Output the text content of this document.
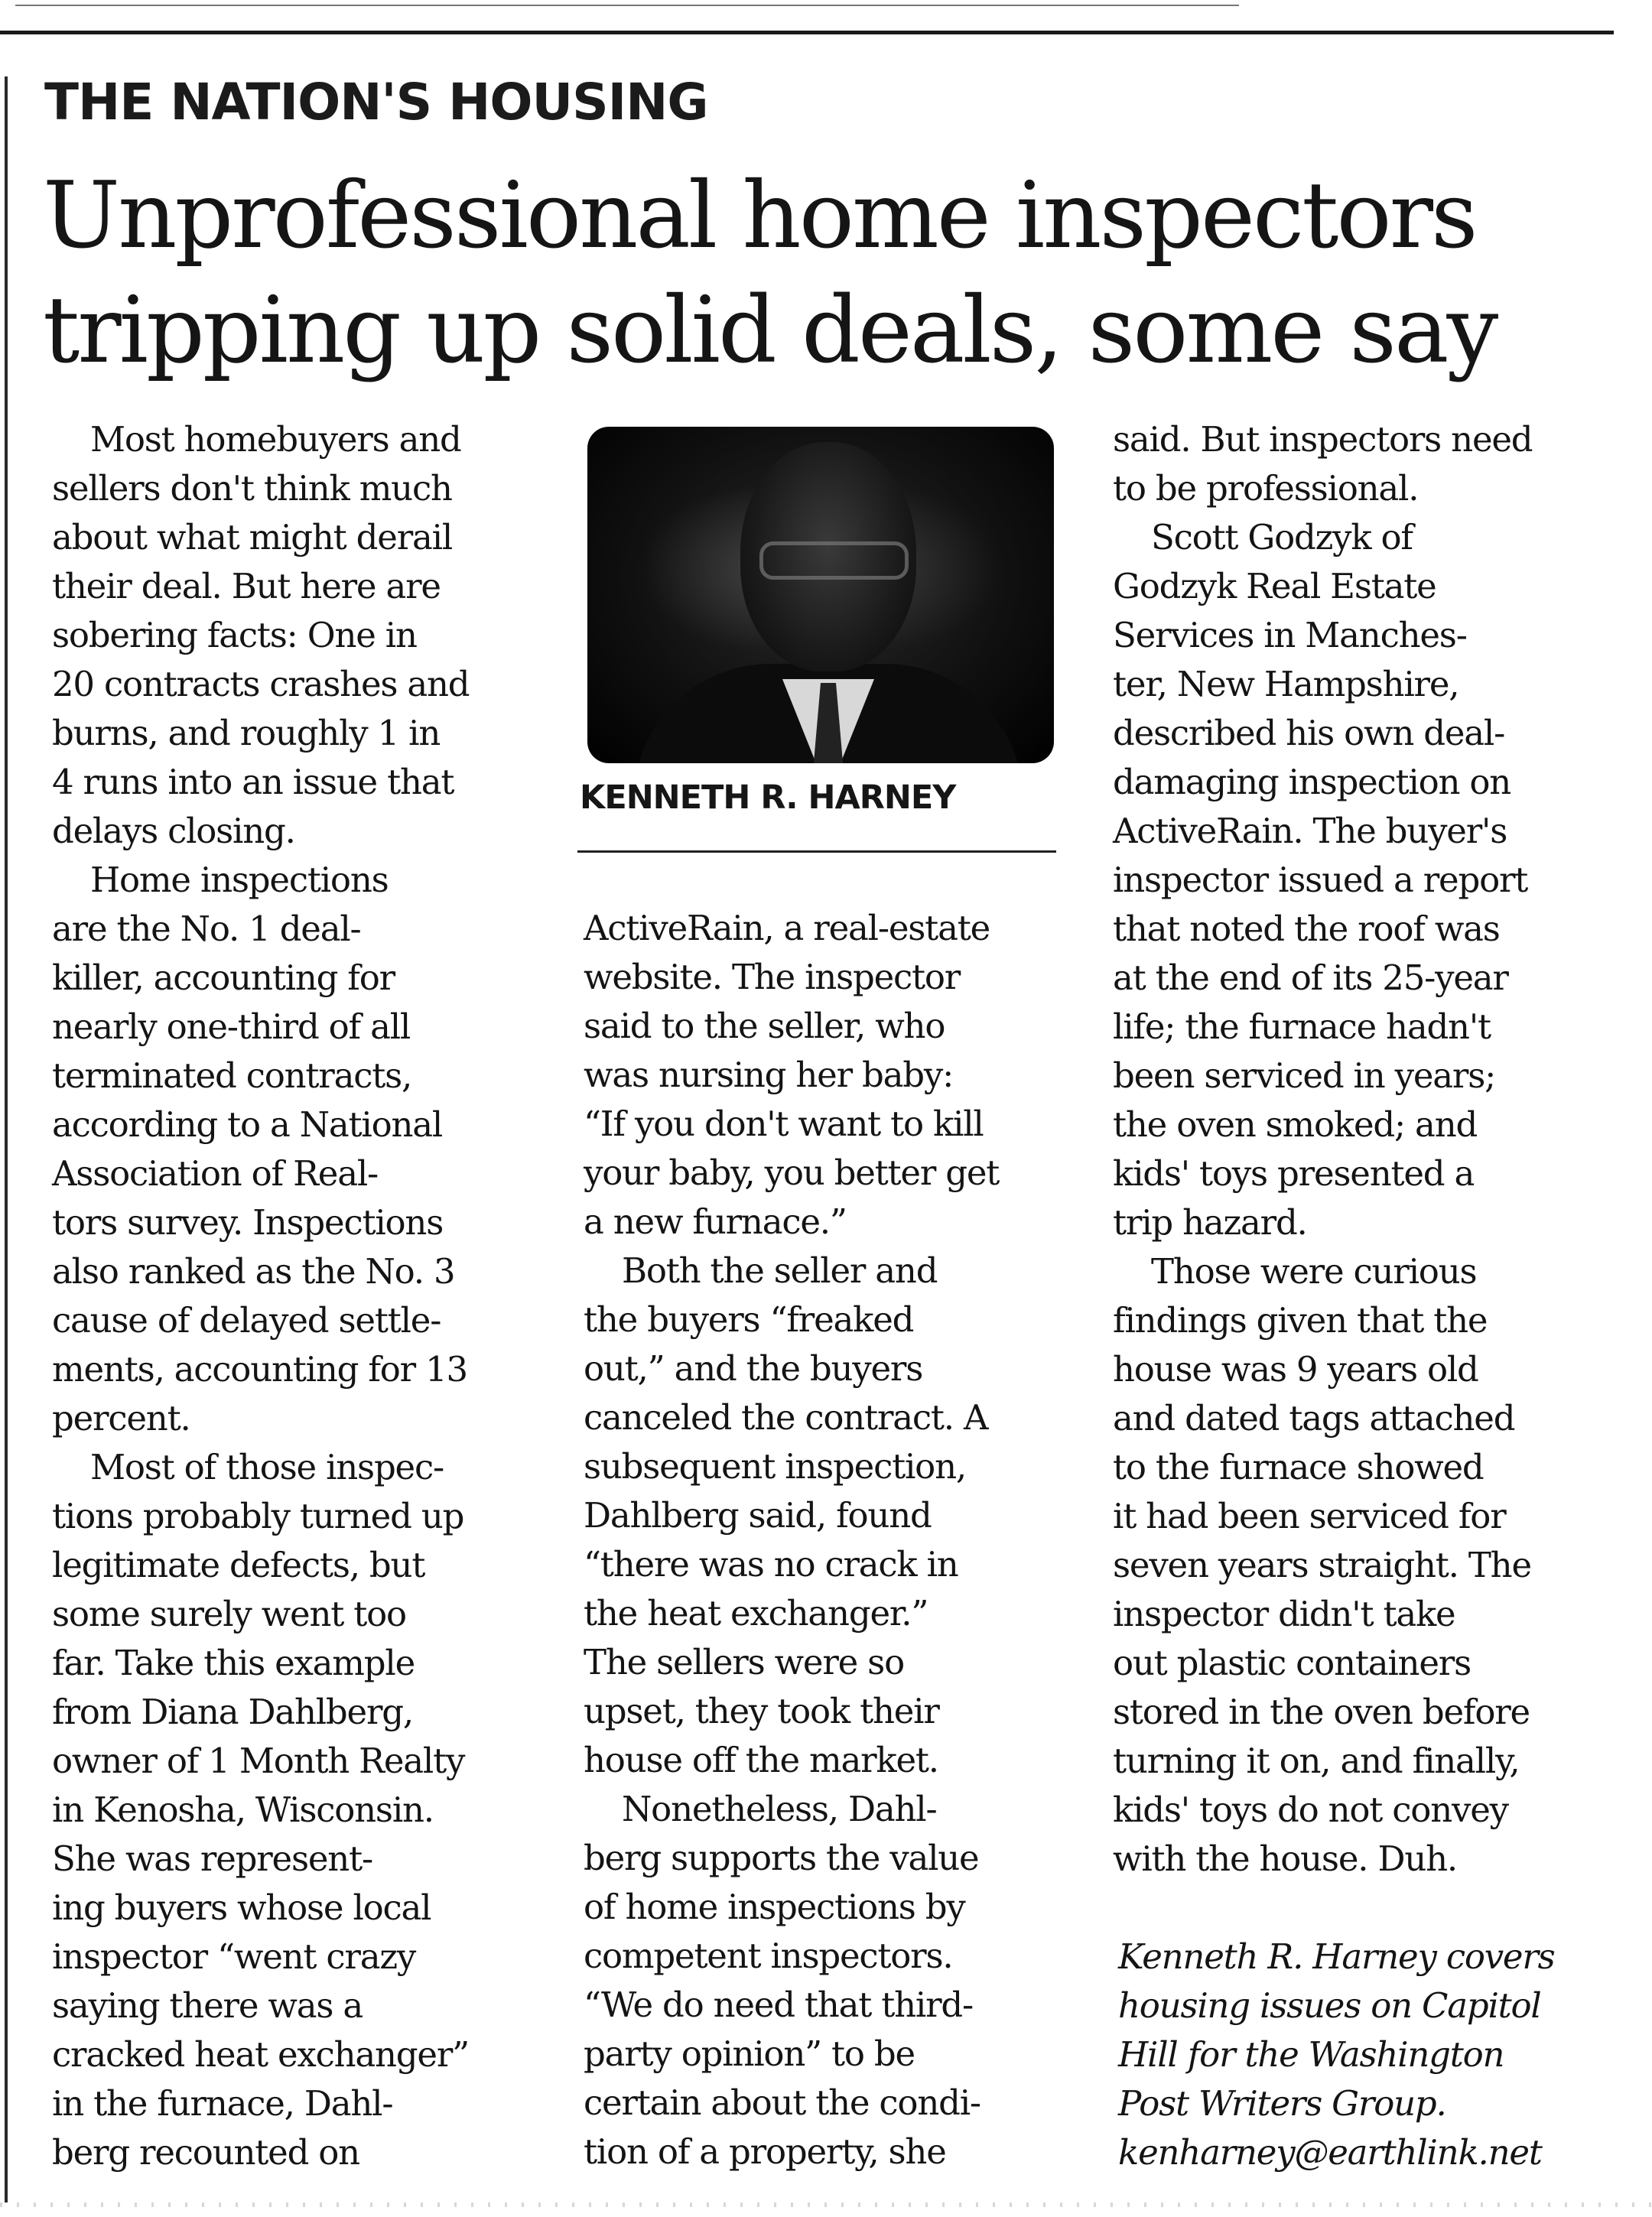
THE NATION'S HOUSING
Unprofessional home inspectors
tripping up solid deals, some say

Most homebuyers and

sellers don't think much

about what might derail

their deal. But here are

sobering facts: One in

20 contracts crashes and

burns, and roughly 1 in

4 runs into an issue that

delays closing.

Home inspections

are the No. 1 deal-

killer, accounting for

nearly one-third of all

terminated contracts,

according to a National

Association of Real-

tors survey. Inspections

also ranked as the No. 3

cause of delayed settle-

ments, accounting for 13

percent.

Most of those inspec-

tions probably turned up

legitimate defects, but

some surely went too

far. Take this example

from Diana Dahlberg,

owner of 1 Month Realty

in Kenosha, Wisconsin.

She was represent-

ing buyers whose local

inspector “went crazy

saying there was a

cracked heat exchanger”

in the furnace, Dahl-

berg recounted on

KENNETH R. HARNEY

ActiveRain, a real-estate

website. The inspector

said to the seller, who

was nursing her baby:

“If you don't want to kill

your baby, you better get

a new furnace.”

Both the seller and

the buyers “freaked

out,” and the buyers

canceled the contract. A

subsequent inspection,

Dahlberg said, found

“there was no crack in

the heat exchanger.”

The sellers were so

upset, they took their

house off the market.

Nonetheless, Dahl-

berg supports the value

of home inspections by

competent inspectors.

“We do need that third-

party opinion” to be

certain about the condi-

tion of a property, she

said. But inspectors need

to be professional.

Scott Godzyk of

Godzyk Real Estate

Services in Manches-

ter, New Hampshire,

described his own deal-

damaging inspection on

ActiveRain. The buyer's

inspector issued a report

that noted the roof was

at the end of its 25-year

life; the furnace hadn't

been serviced in years;

the oven smoked; and

kids' toys presented a

trip hazard.

Those were curious

findings given that the

house was 9 years old

and dated tags attached

to the furnace showed

it had been serviced for

seven years straight. The

inspector didn't take

out plastic containers

stored in the oven before

turning it on, and finally,

kids' toys do not convey

with the house. Duh.

Kenneth R. Harney covers

housing issues on Capitol

Hill for the Washington

Post Writers Group.

kenharney@earthlink.net
